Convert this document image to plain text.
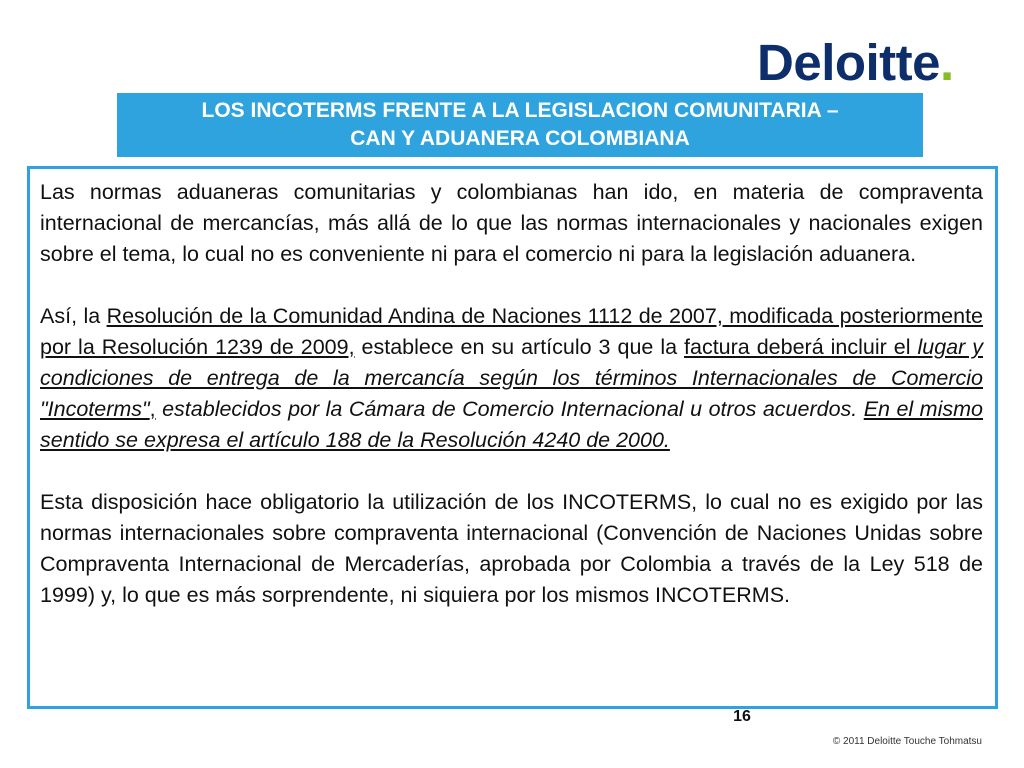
Deloitte.
LOS INCOTERMS FRENTE A LA LEGISLACION COMUNITARIA –
CAN Y ADUANERA COLOMBIANA

Las normas aduaneras comunitarias y colombianas han ido, en materia de compraventa internacional de mercancías, más allá de lo que las normas internacionales y nacionales exigen sobre el tema, lo cual no es conveniente ni para el comercio ni para la legislación aduanera.

Así, la Resolución de la Comunidad Andina de Naciones 1112 de 2007, modificada posteriormente por la Resolución 1239 de 2009, establece en su artículo 3 que la factura deberá incluir el lugar y condiciones de entrega de la mercancía según los términos Internacionales de Comercio "Incoterms", establecidos por la Cámara de Comercio Internacional u otros acuerdos. En el mismo sentido se expresa el artículo 188 de la Resolución 4240 de 2000.

Esta disposición hace obligatorio la utilización de los INCOTERMS, lo cual no es exigido por las normas internacionales sobre compraventa internacional (Convención de Naciones Unidas sobre Compraventa Internacional de Mercaderías, aprobada por Colombia a través de la Ley 518 de 1999) y, lo que es más sorprendente, ni siquiera por los mismos INCOTERMS.

16
© 2011 Deloitte Touche Tohmatsu
